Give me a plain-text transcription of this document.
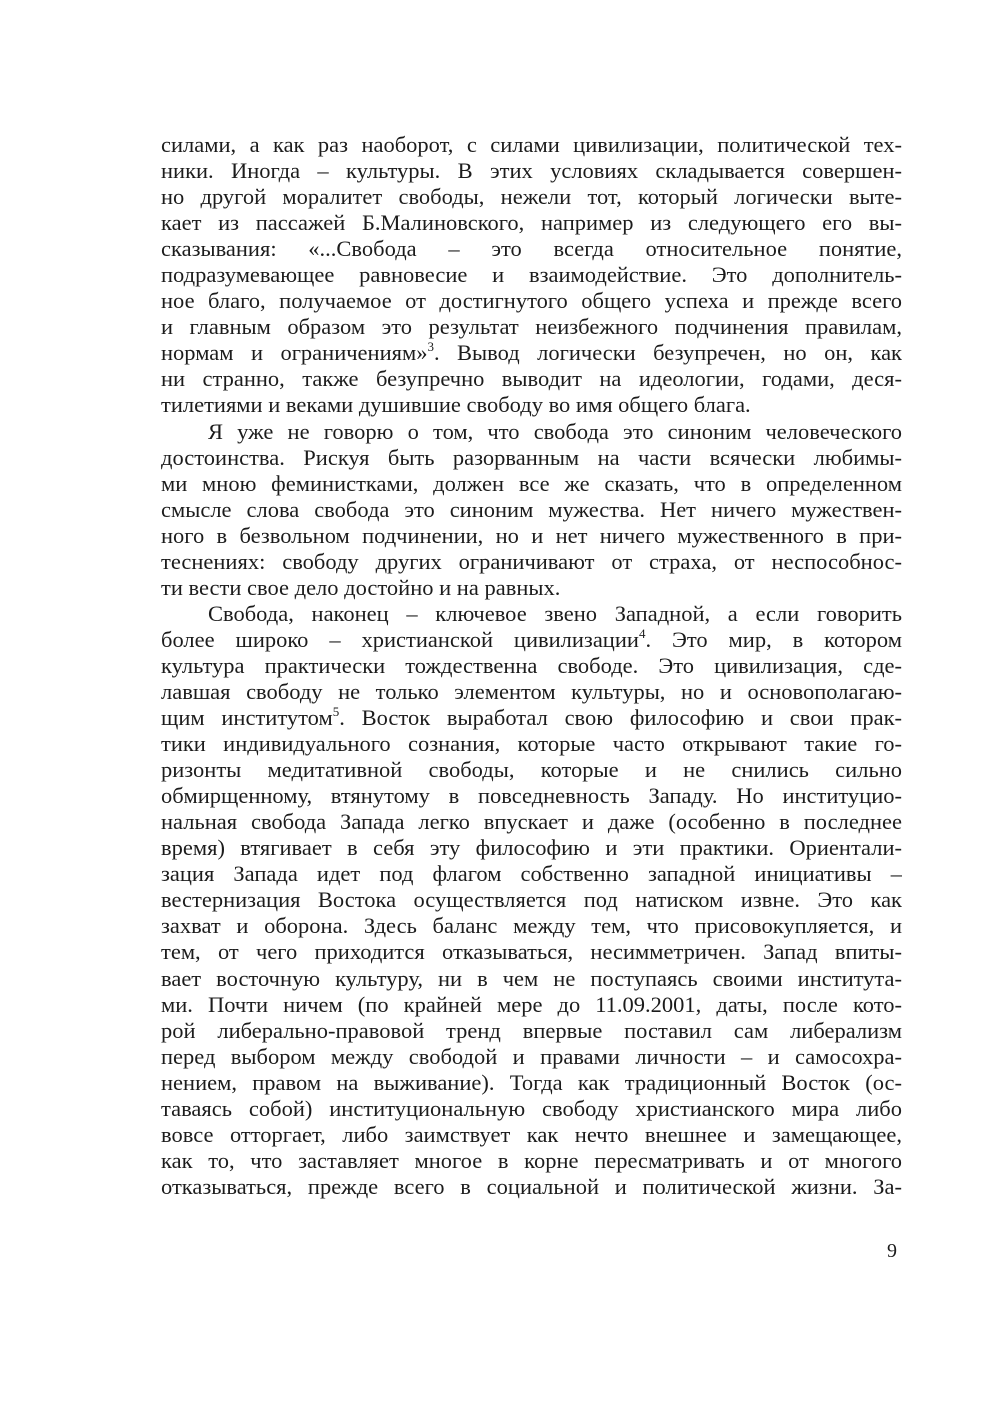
силами, а как раз наоборот, с силами цивилизации, политической тех-
ники. Иногда – культуры. В этих условиях складывается совершен-
но другой моралитет свободы, нежели тот, который логически выте-
кает из пассажей Б.Малиновского, например из следующего его вы-
сказывания: «...Свобода – это всегда относительное понятие,
подразумевающее равновесие и взаимодействие. Это дополнитель-
ное благо, получаемое от достигнутого общего успеха и прежде всего
и главным образом это результат неизбежного подчинения правилам,
нормам и ограничениям»$^3$. Вывод логически безупречен, но он, как
ни странно, также безупречно выводит на идеологии, годами, деся-
тилетиями и веками душившие свободу во имя общего блага.
Я уже не говорю о том, что свобода это синоним человеческого
достоинства. Рискуя быть разорванным на части всячески любимы-
ми мною феминистками, должен все же сказать, что в определенном
смысле слова свобода это синоним мужества. Нет ничего мужествен-
ного в безвольном подчинении, но и нет ничего мужественного в при-
теснениях: свободу других ограничивают от страха, от неспособнос-
ти вести свое дело достойно и на равных.
Свобода, наконец – ключевое звено Западной, а если говорить
более широко – христианской цивилизации$^4$. Это мир, в котором
культура практически тождественна свободе. Это цивилизация, сде-
лавшая свободу не только элементом культуры, но и основополагаю-
щим институтом$^5$. Восток выработал свою философию и свои прак-
тики индивидуального сознания, которые часто открывают такие го-
ризонты медитативной свободы, которые и не снились сильно
обмирщенному, втянутому в повседневность Западу. Но институцио-
нальная свобода Запада легко впускает и даже (особенно в последнее
время) втягивает в себя эту философию и эти практики. Ориентали-
зация Запада идет под флагом собственно западной инициативы –
вестернизация Востока осуществляется под натиском извне. Это как
захват и оборона. Здесь баланс между тем, что присовокупляется, и
тем, от чего приходится отказываться, несимметричен. Запад впиты-
вает восточную культуру, ни в чем не поступаясь своими института-
ми. Почти ничем (по крайней мере до 11.09.2001, даты, после кото-
рой либерально-правовой тренд впервые поставил сам либерализм
перед выбором между свободой и правами личности – и самосохра-
нением, правом на выживание). Тогда как традиционный Восток (ос-
таваясь собой) институциональную свободу христианского мира либо
вовсе отторгает, либо заимствует как нечто внешнее и замещающее,
как то, что заставляет многое в корне пересматривать и от многого
отказываться, прежде всего в социальной и политической жизни. За-
9
